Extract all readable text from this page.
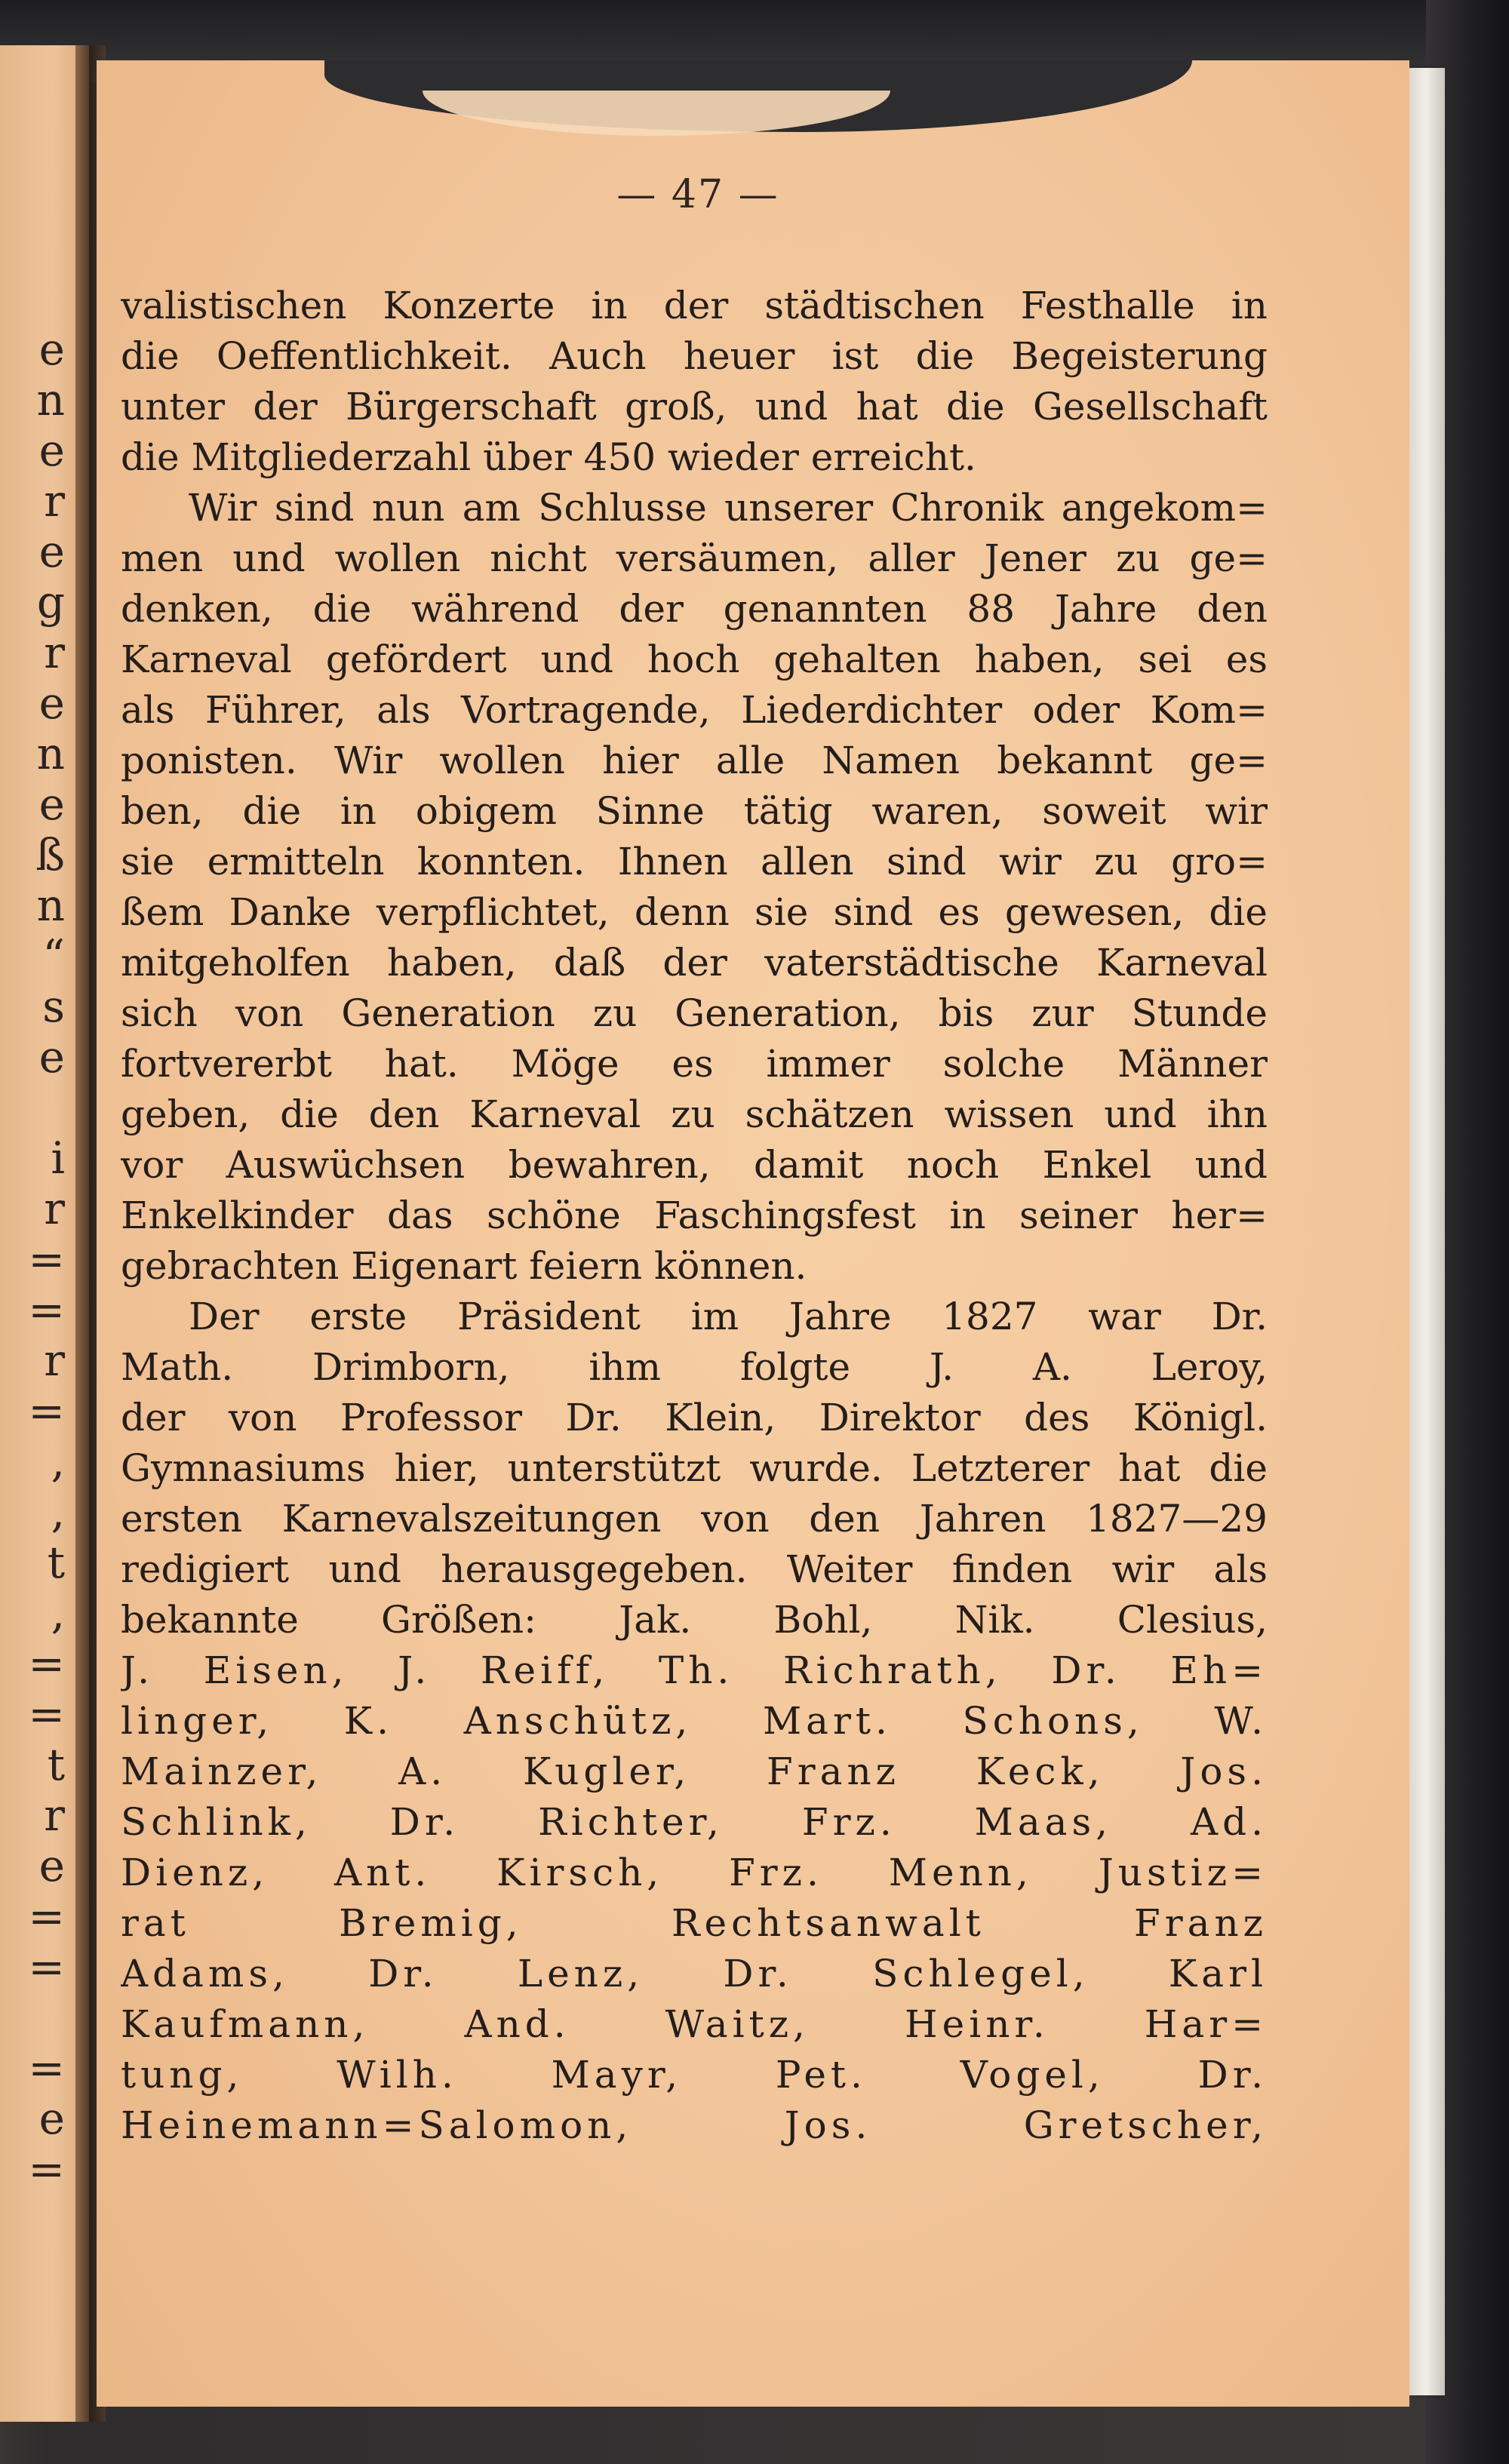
e
n
e
r
e
g
r
e
n
e
ß
n
“
s
e

i
r
=
=
r
=
,
,
t
,
=
=
t
r
e
=
=

=
e
=
— 47 —
valistischen Konzerte in der städtischen Festhalle in
die Oeffentlichkeit. Auch heuer ist die Begeisterung
unter der Bürgerschaft groß, und hat die Gesellschaft
die Mitgliederzahl über 450 wieder erreicht.
Wir sind nun am Schlusse unserer Chronik angekom=
men und wollen nicht versäumen, aller Jener zu ge=
denken, die während der genannten 88 Jahre den
Karneval gefördert und hoch gehalten haben, sei es
als Führer, als Vortragende, Liederdichter oder Kom=
ponisten. Wir wollen hier alle Namen bekannt ge=
ben, die in obigem Sinne tätig waren, soweit wir
sie ermitteln konnten. Ihnen allen sind wir zu gro=
ßem Danke verpflichtet, denn sie sind es gewesen, die
mitgeholfen haben, daß der vaterstädtische Karneval
sich von Generation zu Generation, bis zur Stunde
fortvererbt hat. Möge es immer solche Männer
geben, die den Karneval zu schätzen wissen und ihn
vor Auswüchsen bewahren, damit noch Enkel und
Enkelkinder das schöne Faschingsfest in seiner her=
gebrachten Eigenart feiern können.
Der erste Präsident im Jahre 1827 war Dr.
Math. Drimborn, ihm folgte J. A. Leroy,
der von Professor Dr. Klein, Direktor des Königl.
Gymnasiums hier, unterstützt wurde. Letzterer hat die
ersten Karnevalszeitungen von den Jahren 1827—29
redigiert und herausgegeben. Weiter finden wir als
bekannte Größen: Jak. Bohl, Nik. Clesius,
J. Eisen, J. Reiff, Th. Richrath, Dr. Eh=
linger, K. Anschütz, Mart. Schons, W.
Mainzer, A. Kugler, Franz Keck, Jos.
Schlink, Dr. Richter, Frz. Maas, Ad.
Dienz, Ant. Kirsch, Frz. Menn, Justiz=
rat Bremig, Rechtsanwalt Franz
Adams, Dr. Lenz, Dr. Schlegel, Karl
Kaufmann, And. Waitz, Heinr. Har=
tung, Wilh. Mayr, Pet. Vogel, Dr.
Heinemann=Salomon, Jos. Gretscher,
